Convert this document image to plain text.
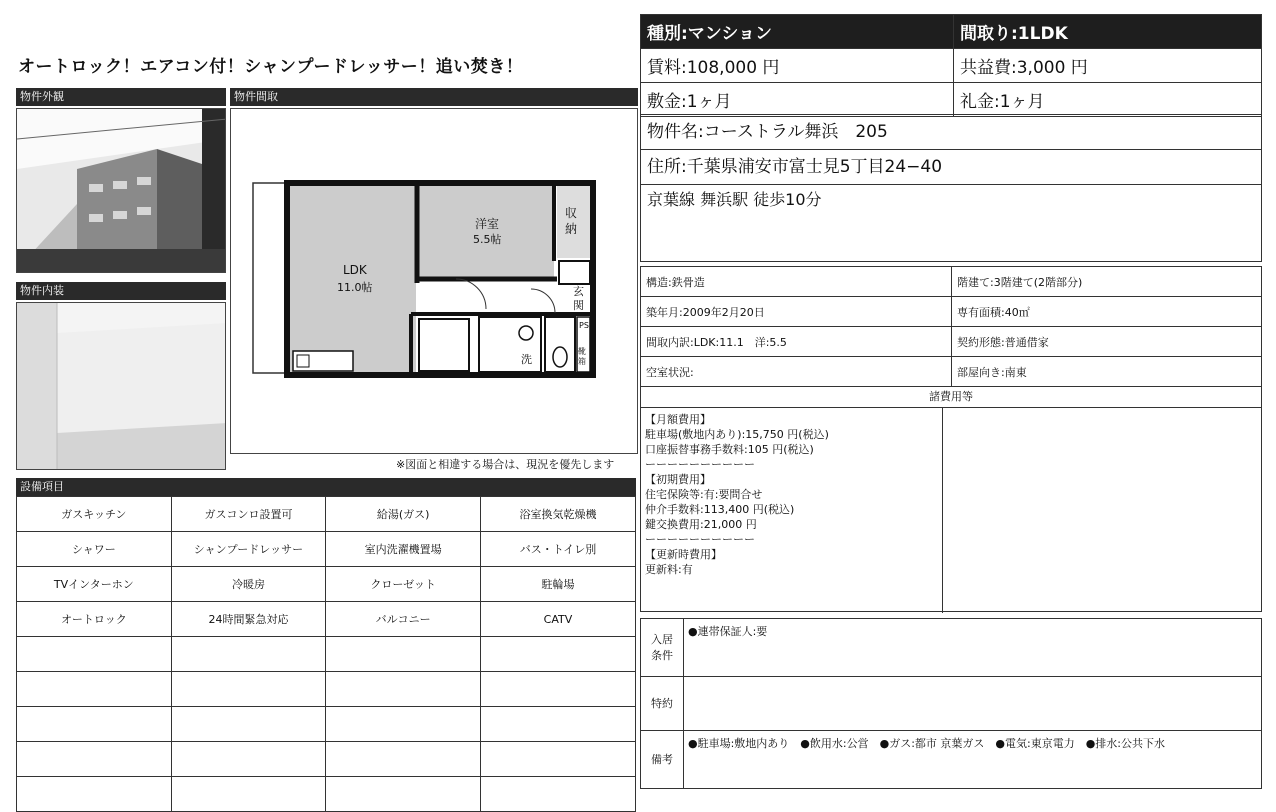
オートロック！エアコン付！シャンプードレッサー！追い焚き！
物件外観
物件内装
物件間取
洋室
5.5帖
収納
LDK
11.0帖	玄関
洗
PS
靴箱
※図面と相違する場合は、現況を優先します
設備項目
ガスキッチン	ガスコンロ設置可	給湯(ガス)	浴室換気乾燥機
シャワー	シャンプードレッサー	室内洗濯機置場	バス・トイレ別
TVインターホン	冷暖房	クローゼット	駐輪場
オートロック	24時間緊急対応	バルコニー	CATV

種別:マンション	間取り:1LDK
賃料:108,000 円	共益費:3,000 円
敷金:1ヶ月	礼金:1ヶ月
物件名:コーストラル舞浜　205
住所:千葉県浦安市富士見5丁目24−40
京葉線 舞浜駅 徒歩10分
構造:鉄骨造	階建て:3階建て(2階部分)
築年月:2009年2月20日	専有面積:40㎡
間取内訳:LDK:11.1　洋:5.5	契約形態:普通借家
空室状況:	部屋向き:南東
諸費用等
【月額費用】
駐車場(敷地内あり):15,750 円(税込)
口座振替事務手数料:105 円(税込)
ーーーーーーーーーー
【初期費用】
住宅保険等:有:要問合せ
仲介手数料:113,400 円(税込)
鍵交換費用:21,000 円
ーーーーーーーーーー
【更新時費用】
更新料:有
入居条件	●連帯保証人:要
特約	
備考	●駐車場:敷地内あり　●飲用水:公営　●ガス:都市 京葉ガス　●電気:東京電力　●排水:公共下水
